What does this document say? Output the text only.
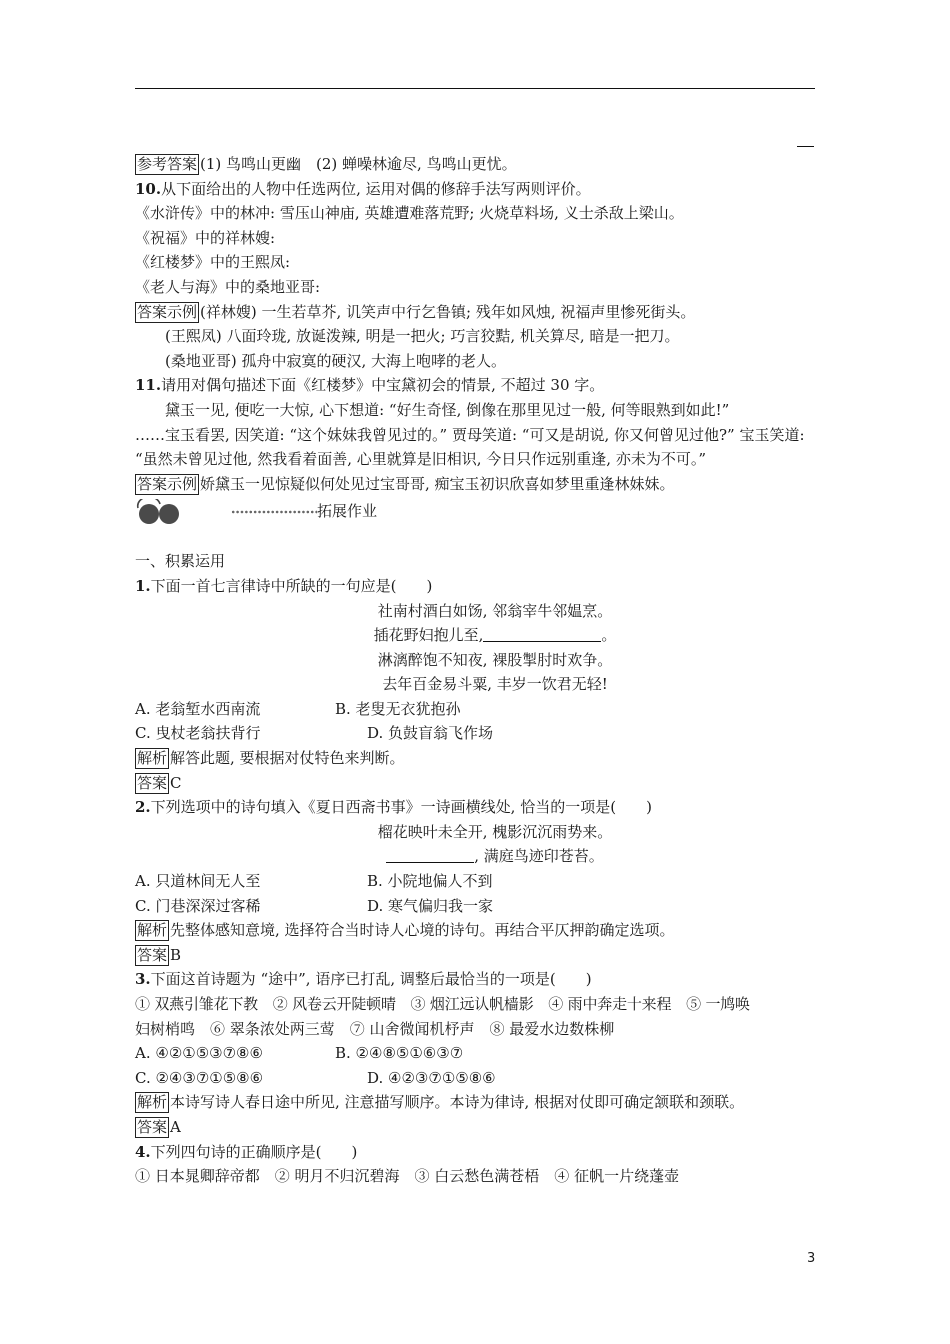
参考答案 (1) 鸟鸣山更幽　(2) 蝉噪林逾尽, 鸟鸣山更忧。
10.从下面给出的人物中任选两位, 运用对偶的修辞手法写两则评价。
《水浒传》中的林冲: 雪压山神庙, 英雄遭难落荒野; 火烧草料场, 义士杀敌上梁山。
《祝福》中的祥林嫂:
《红楼梦》中的王熙凤:
《老人与海》中的桑地亚哥:
答案示例 (祥林嫂) 一生若草芥, 讥笑声中行乞鲁镇; 残年如风烛, 祝福声里惨死街头。
(王熙凤) 八面玲珑, 放诞泼辣, 明是一把火; 巧言狡黠, 机关算尽, 暗是一把刀。
(桑地亚哥) 孤舟中寂寞的硬汉, 大海上咆哮的老人。
11.请用对偶句描述下面《红楼梦》中宝黛初会的情景, 不超过 30 字。
黛玉一见, 便吃一大惊, 心下想道: “好生奇怪, 倒像在那里见过一般, 何等眼熟到如此!”
……宝玉看罢, 因笑道: “这个妹妹我曾见过的。” 贾母笑道: “可又是胡说, 你又何曾见过他?” 宝玉笑道: “虽然未曾见过他, 然我看着面善, 心里就算是旧相识, 今日只作远别重逢, 亦未为不可。”
答案示例 娇黛玉一见惊疑似何处见过宝哥哥, 痴宝玉初识欣喜如梦里重逢林妹妹。
拓展作业
一、积累运用
1.下面一首七言律诗中所缺的一句应是(　　)
社南村酒白如饧, 邻翁宰牛邻媪烹。
插花野妇抱儿至,	。
淋漓醉饱不知夜, 裸股掣肘时欢争。
去年百金易斗粟, 丰岁一饮君无轻!
A. 老翁堑水西南流	B. 老叟无衣犹抱孙
C. 曳杖老翁扶背行	D. 负鼓盲翁飞作场
解析 解答此题, 要根据对仗特色来判断。
答案 C
2.下列选项中的诗句填入《夏日西斋书事》一诗画横线处, 恰当的一项是(　　)
榴花映叶未全开, 槐影沉沉雨势来。
, 满庭鸟迹印苍苔。
A. 只道林间无人至	B. 小院地偏人不到
C. 门巷深深过客稀	D. 寒气偏归我一家
解析 先整体感知意境, 选择符合当时诗人心境的诗句。再结合平仄押韵确定选项。
答案 B
3.下面这首诗题为 “途中”, 语序已打乱, 调整后最恰当的一项是(　　)
① 双燕引雏花下教　② 风卷云开陡顿晴　③ 烟江远认帆樯影　④ 雨中奔走十来程　⑤ 一鸠唤
妇树梢鸣　⑥ 翠条浓处两三莺　⑦ 山舍微闻机杼声　⑧ 最爱水边数株柳
A. ④②①⑤③⑦⑧⑥	B. ②④⑧⑤①⑥③⑦
C. ②④③⑦①⑤⑧⑥	D. ④②③⑦①⑤⑧⑥
解析 本诗写诗人春日途中所见, 注意描写顺序。本诗为律诗, 根据对仗即可确定颔联和颈联。
答案 A
4.下列四句诗的正确顺序是(　　)
① 日本晁卿辞帝都　② 明月不归沉碧海　③ 白云愁色满苍梧　④ 征帆一片绕蓬壶
3
